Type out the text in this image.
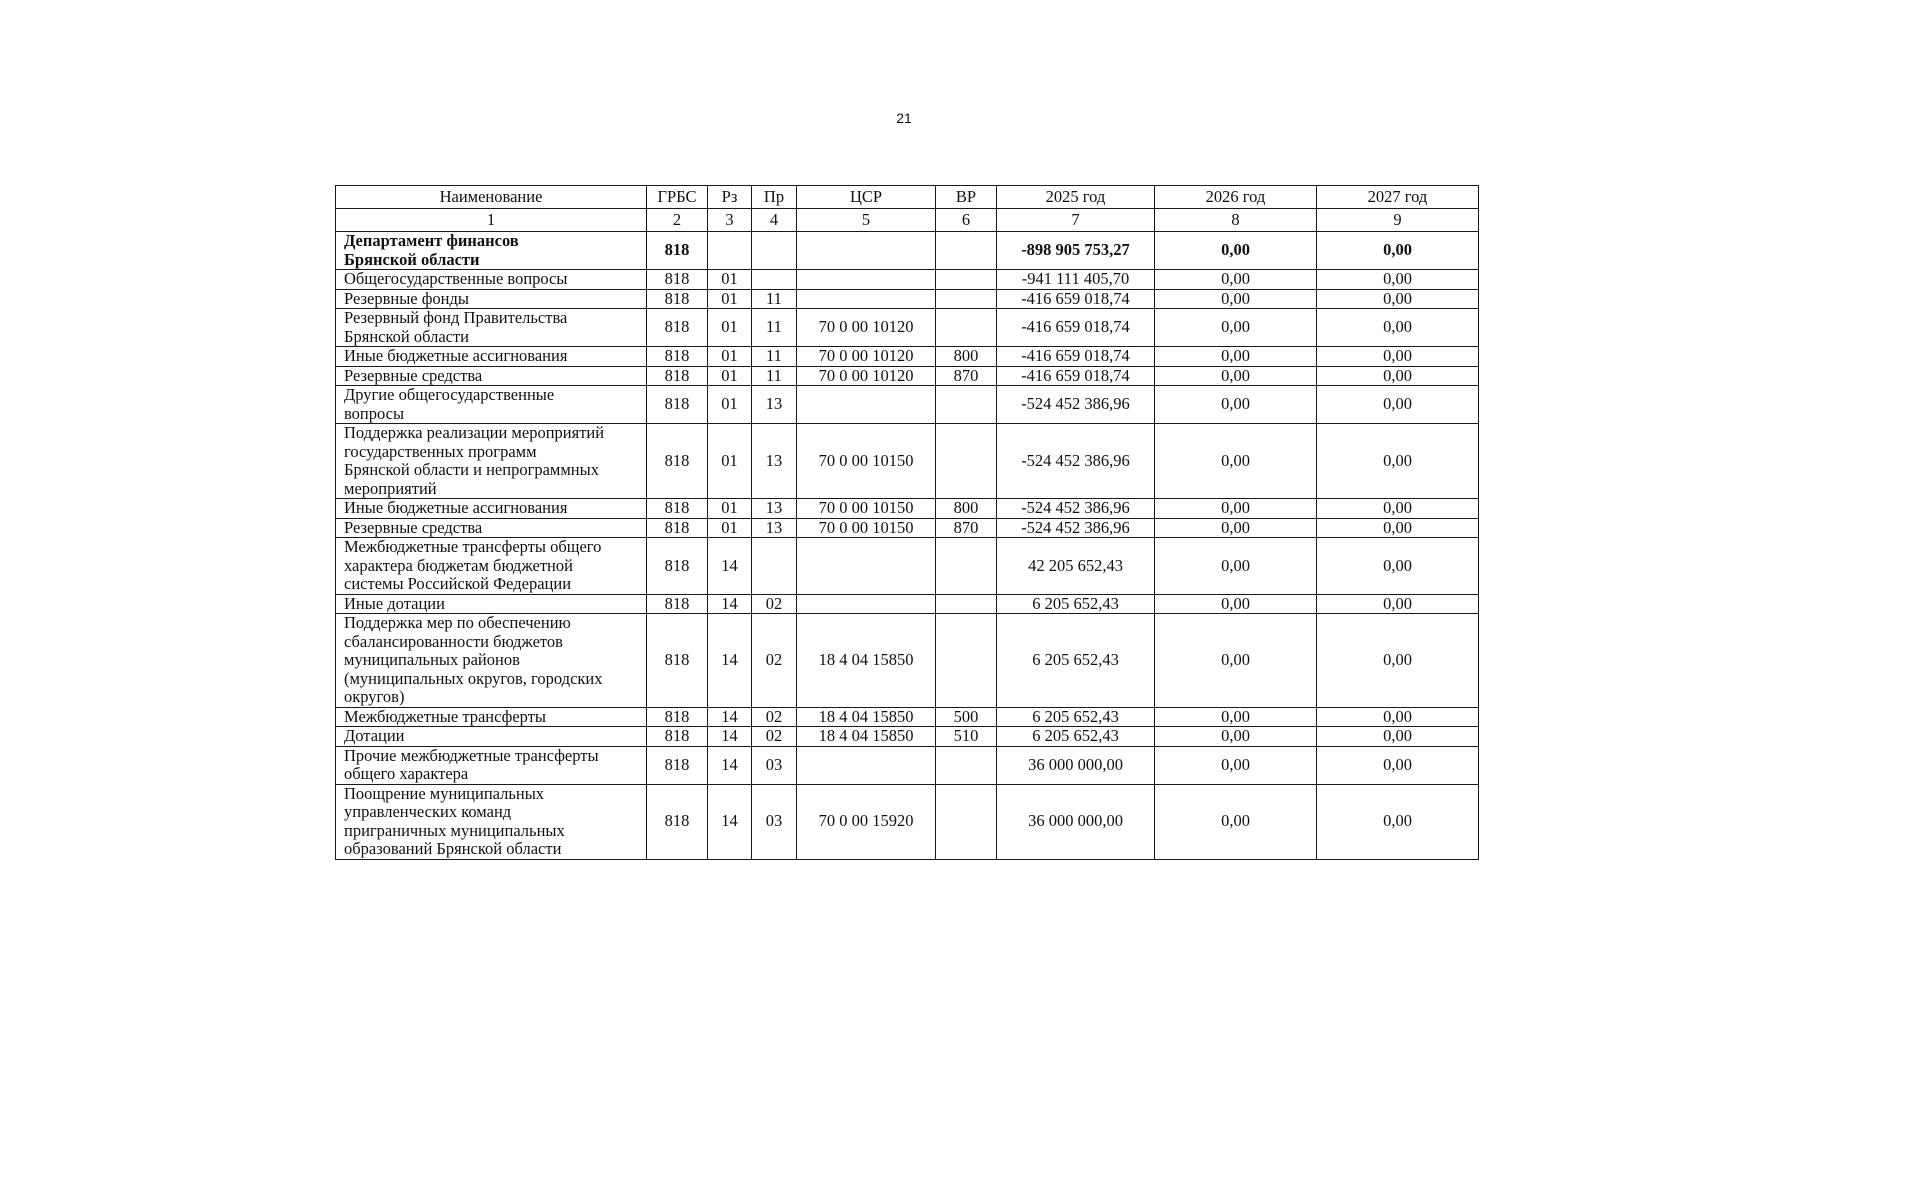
21
Наименование	ГРБС	Рз	Пр	ЦСР	ВР	2025 год	2026 год	2027 год
1	2	3	4	5	6	7	8	9
Департамент финансов
Брянской области	818					-898 905 753,27	0,00	0,00
Общегосударственные вопросы	818	01				-941 111 405,70	0,00	0,00
Резервные фонды	818	01	11			-416 659 018,74	0,00	0,00
Резервный фонд Правительства
Брянской области	818	01	11	70 0 00 10120		-416 659 018,74	0,00	0,00
Иные бюджетные ассигнования	818	01	11	70 0 00 10120	800	-416 659 018,74	0,00	0,00
Резервные средства	818	01	11	70 0 00 10120	870	-416 659 018,74	0,00	0,00
Другие общегосударственные
вопросы	818	01	13			-524 452 386,96	0,00	0,00
Поддержка реализации мероприятий
государственных программ
Брянской области и непрограммных
мероприятий	818	01	13	70 0 00 10150		-524 452 386,96	0,00	0,00
Иные бюджетные ассигнования	818	01	13	70 0 00 10150	800	-524 452 386,96	0,00	0,00
Резервные средства	818	01	13	70 0 00 10150	870	-524 452 386,96	0,00	0,00
Межбюджетные трансферты общего
характера бюджетам бюджетной
системы Российской Федерации	818	14				42 205 652,43	0,00	0,00
Иные дотации	818	14	02			6 205 652,43	0,00	0,00
Поддержка мер по обеспечению
сбалансированности бюджетов
муниципальных районов
(муниципальных округов, городских
округов)	818	14	02	18 4 04 15850		6 205 652,43	0,00	0,00
Межбюджетные трансферты	818	14	02	18 4 04 15850	500	6 205 652,43	0,00	0,00
Дотации	818	14	02	18 4 04 15850	510	6 205 652,43	0,00	0,00
Прочие межбюджетные трансферты
общего характера	818	14	03			36 000 000,00	0,00	0,00
Поощрение муниципальных
управленческих команд
приграничных муниципальных
образований Брянской области	818	14	03	70 0 00 15920		36 000 000,00	0,00	0,00
